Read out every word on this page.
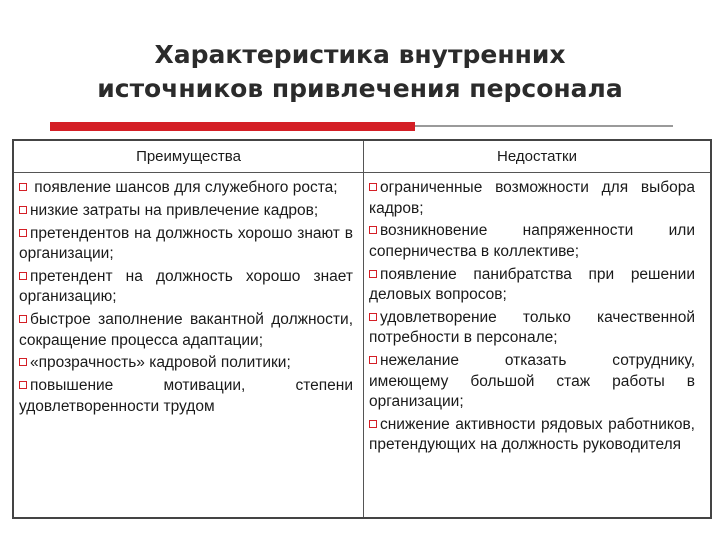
Характеристика внутренних
источников привлечения персонала
Преимущества	Недостатки
появление шансов для служебного роста;
низкие затраты на привлечение кадров;
претендентов на должность хорошо знают в организации;
претендент на должность хорошо знает организацию;
быстрое заполнение вакантной должности, сокращение процесса адаптации;
«прозрачность» кадровой политики;
повышение мотивации, степени удовлетворенности трудом
ограниченные возможности для выбора кадров;
возникновение напряженности или соперничества в коллективе;
появление панибратства при решении деловых вопросов;
удовлетворение только качественной потребности в персонале;
нежелание отказать сотруднику, имеющему большой стаж работы в организации;
снижение активности рядовых работников, претендующих на должность руководителя
